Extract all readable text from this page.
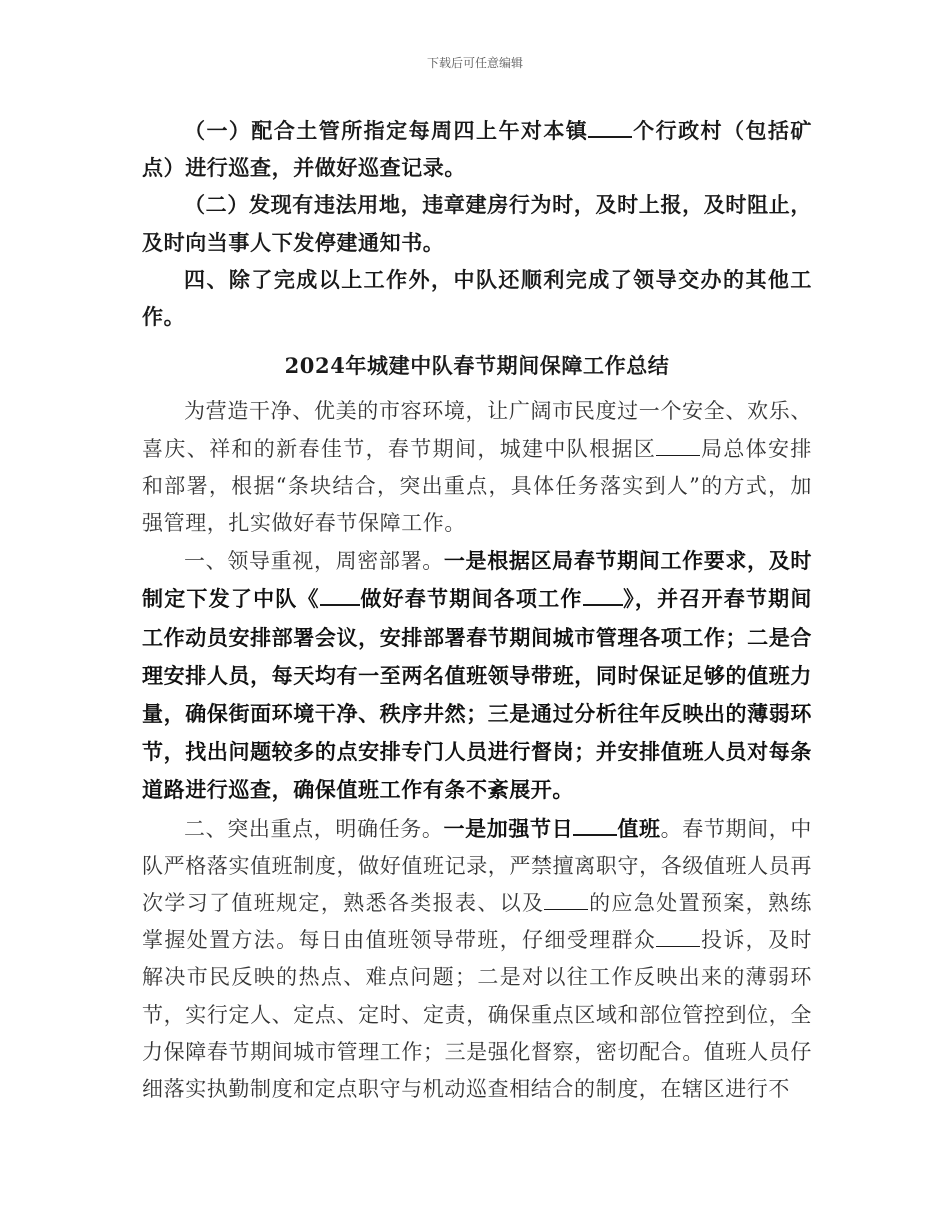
下载后可任意编辑

（一）配合土管所指定每周四上午对本镇 个行政村（包括矿点）进行巡查，并做好巡查记录。

（二）发现有违法用地，违章建房行为时，及时上报，及时阻止，及时向当事人下发停建通知书。

四、除了完成以上工作外，中队还顺利完成了领导交办的其他工作。

2024年城建中队春节期间保障工作总结

为营造干净、优美的市容环境，让广阔市民度过一个安全、欢乐、喜庆、祥和的新春佳节，春节期间，城建中队根据区 局总体安排和部署，根据“条块结合，突出重点，具体任务落实到人”的方式，加强管理，扎实做好春节保障工作。

一、领导重视，周密部署。一是根据区局春节期间工作要求，及时制定下发了中队《 做好春节期间各项工作 》，并召开春节期间工作动员安排部署会议，安排部署春节期间城市管理各项工作；二是合理安排人员，每天均有一至两名值班领导带班，同时保证足够的值班力量，确保街面环境干净、秩序井然；三是通过分析往年反映出的薄弱环节，找出问题较多的点安排专门人员进行督岗；并安排值班人员对每条道路进行巡查，确保值班工作有条不紊展开。

二、突出重点，明确任务。一是加强节日 值班。春节期间，中队严格落实值班制度，做好值班记录，严禁擅离职守，各级值班人员再次学习了值班规定，熟悉各类报表、以及 的应急处置预案，熟练掌握处置方法。每日由值班领导带班，仔细受理群众 投诉，及时解决市民反映的热点、难点问题；二是对以往工作反映出来的薄弱环节，实行定人、定点、定时、定责，确保重点区域和部位管控到位，全力保障春节期间城市管理工作；三是强化督察，密切配合。值班人员仔细落实执勤制度和定点职守与机动巡查相结合的制度，在辖区进行不
